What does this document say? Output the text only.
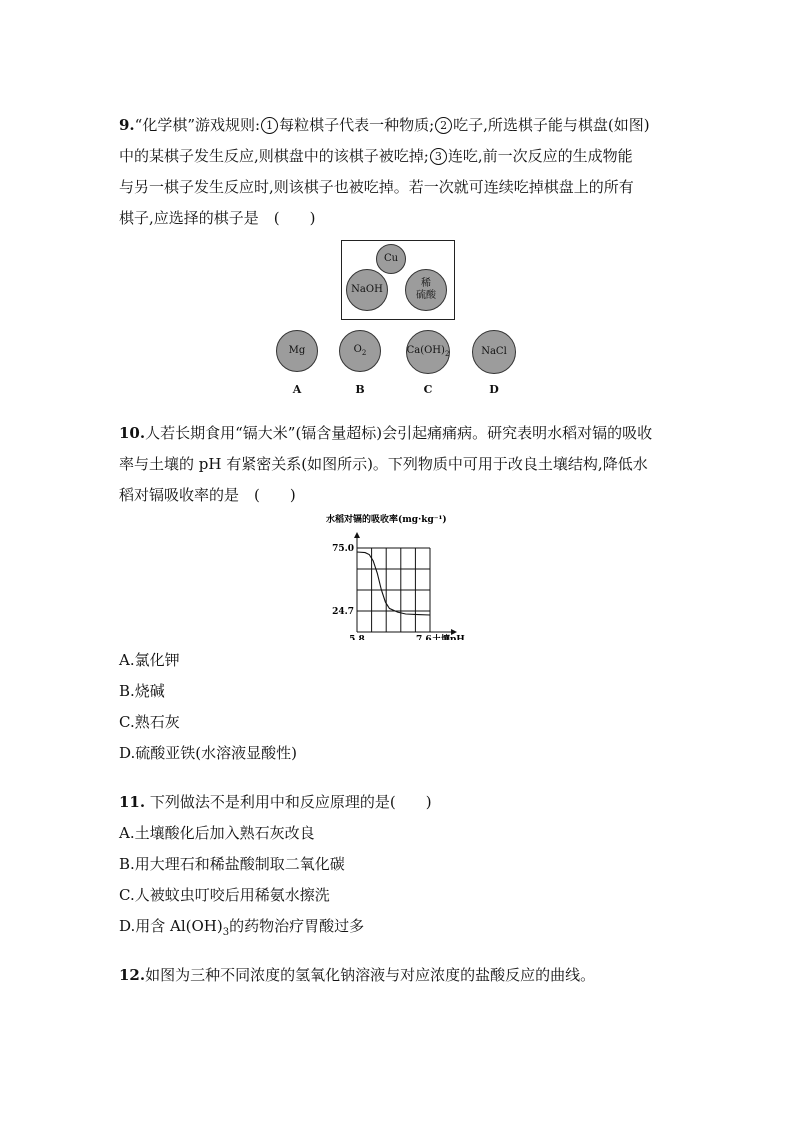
9.“化学棋”游戏规则: 1 每粒棋子代表一种物质; 2 吃子,所选棋子能与棋盘(如图)

中的某棋子发生反应,则棋盘中的该棋子被吃掉; 3 连吃,前一次反应的生成物能

与另一棋子发生反应时,则该棋子也被吃掉。若一次就可连续吃掉棋盘上的所有

棋子,应选择的棋子是　(　　)

Cu
NaOH
稀
硫酸
Mg	$O_2$	$Ca(OH)_2$	NaCl
A	B	C	D

10.人若长期食用“镉大米”(镉含量超标)会引起痛痛病。研究表明水稻对镉的吸收

率与土壤的 pH 有紧密关系(如图所示)。下列物质中可用于改良土壤结构,降低水

稻对镉吸收率的是　(　　)

水稻对镉的吸收率(mg·kg⁻¹)
75.0
24.7
5.8	7.6 土壤pH
A.氯化钾
B.烧碱
C.熟石灰
D.硫酸亚铁(水溶液显酸性)
11. 下列做法不是利用中和反应原理的是(　　)
A.土壤酸化后加入熟石灰改良
B.用大理石和稀盐酸制取二氧化碳
C.人被蚊虫叮咬后用稀氨水擦洗
D.用含 $Al(OH)_3$的药物治疗胃酸过多
12.如图为三种不同浓度的氢氧化钠溶液与对应浓度的盐酸反应的曲线。
